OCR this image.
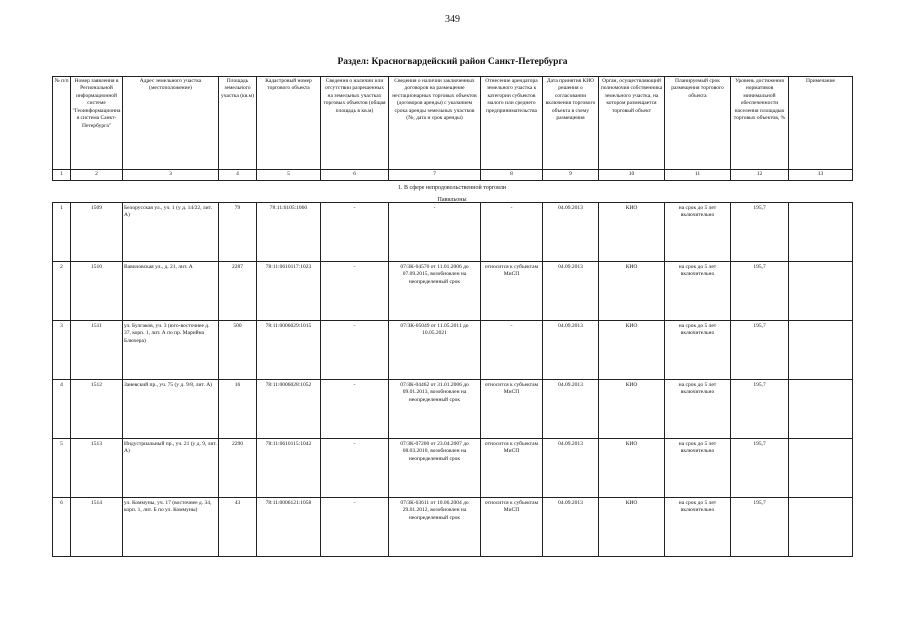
349
Раздел: Красногвардейский район Санкт-Петербурга
№ п/п	Номер заявления в Региональной информационной системе "Геоинформационная система Санкт-Петербурга"	Адрес земельного участка (местоположение)	Площадь земельного участка (кв.м)	Кадастровый номер торгового объекта	Сведения о наличии или отсутствии разрешенных на земельных участках торговых объектов (общая площадь в кв.м)	Сведения о наличии заключенных договоров на размещение нестационарных торговых объектов (договоров аренды) с указанием срока аренды земельных участков (№, дата и срок аренды)	Отнесение арендатора земельного участка к категории субъектов малого или среднего предпринимательства	Дата принятия КИО решения о согласовании включения торгового объекта в схему размещения	Орган, осуществляющий полномочия собственника земельного участка, на котором размещается торговый объект	Планируемый срок размещения торгового объекта	Уровень достижения нормативов минимальной обеспеченности населения площадью торговых объектов, %	Примечание
1	2	3	4	5	6	7	8	9	10	11	12	13
1. В сфере непродовольственной торговли
Павильоны
1	1509	Белорусская ул., уч. 1 (у д. 14/22, лит. А)	79	78:11:6105:1060	-	-	-	04.09.2013	КИО	на срок до 5 лет включительно	195,7	
2	1510	Вавиловская ул., д. 21, лит. А	2287	78:11:0610117:1023	-	07/ЗК-04570 от 11.01.2006 до 07.09.2015, возобновлен на неопределенный срок	относится к субъектам МиСП	04.09.2013	КИО	на срок до 5 лет включительно	195,7	
3	1511	ул. Булгаков, уч. 3 (юго-восточнее д. 37, корп. 1, лит. А по пр. Марийна Блюхера)	500	78:11:0006029:1015	-	07/ЗК-05049 от 11.05.2011 до 10.05.2021	-	04.09.2013	КИО	на срок до 5 лет включительно	195,7	
4	1512	Заневский пр., уч. 75 (у д. 9/8, лит. А)	16	78:11:0006028:1052	-	07/ЗК-04462 от 31.01.2006 до 09.01.2013, возобновлен на неопределенный срок	относится к субъектам МиСП	04.09.2013	КИО	на срок до 5 лет включительно	195,7	
5	1513	Индустриальный пр., уч. 21 (у д. 9, лит. А)	2290	78:11:0610115:1042	-	07/ЗК-07200 от 23.04.2007 до 08.03.2010, возобновлен на неопределенный срок	относится к субъектам МиСП	04.09.2013	КИО	на срок до 5 лет включительно	195,7	
6	1514	ул. Коммуны, уч. 17 (восточнее д. 34, корп. 1, лит. Б по ул. Коммуны)	43	78:11:0006121:1058	-	07/ЗК-03611 от 10.06.2004 до 29.01.2012, возобновлен на неопределенный срок	относится к субъектам МиСП	04.09.2013	КИО	на срок до 5 лет включительно	195,7	
